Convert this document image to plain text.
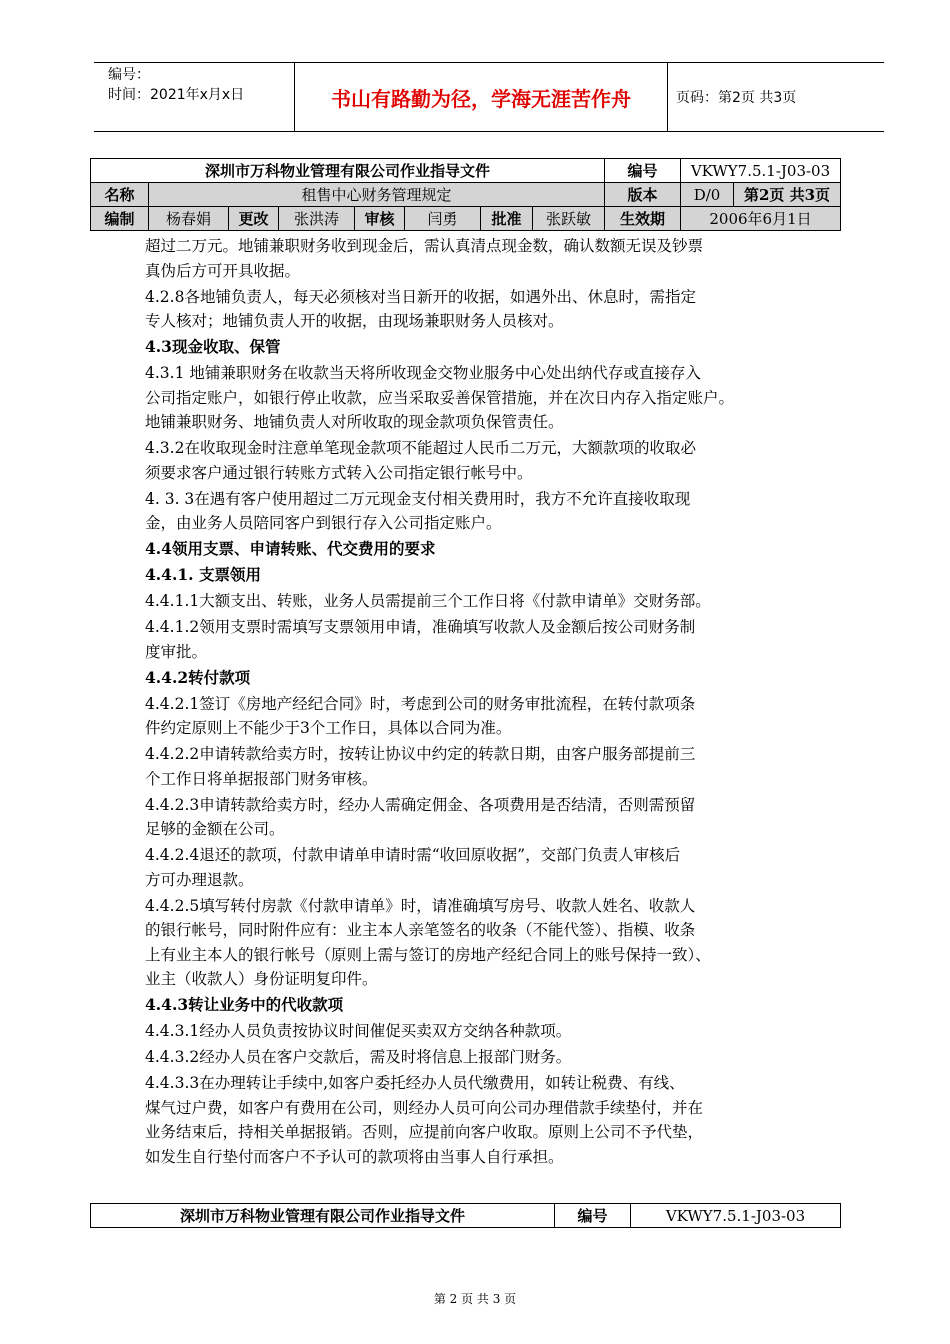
编号：
时间：2021年x月x日	书山有路勤为径，学海无涯苦作舟	页码：第2页 共3页
深圳市万科物业管理有限公司作业指导文件								编号	VKWY7.5.1-J03-03
名称	租售中心财务管理规定							版本	D/0 第2页 共3页

编制	杨春娟	更改	张洪涛	审核	闫勇	批准	张跃敏	生效期	2006年6月1日

超过二万元。地铺兼职财务收到现金后，需认真清点现金数，确认数额无误及钞票

真伪后方可开具收据。

4.2.8各地铺负责人，每天必须核对当日新开的收据，如遇外出、休息时，需指定

专人核对；地铺负责人开的收据，由现场兼职财务人员核对。

4.3现金收取、保管

4.3.1 地铺兼职财务在收款当天将所收现金交物业服务中心处出纳代存或直接存入

公司指定账户，如银行停止收款，应当采取妥善保管措施，并在次日内存入指定账户。

地铺兼职财务、地铺负责人对所收取的现金款项负保管责任。

4.3.2在收取现金时注意单笔现金款项不能超过人民币二万元，大额款项的收取必

须要求客户通过银行转账方式转入公司指定银行帐号中。

4. 3. 3在遇有客户使用超过二万元现金支付相关费用时，我方不允许直接收取现

金，由业务人员陪同客户到银行存入公司指定账户。

4.4领用支票、申请转账、代交费用的要求

4.4.1. 支票领用

4.4.1.1大额支出、转账，业务人员需提前三个工作日将《付款申请单》交财务部。

4.4.1.2领用支票时需填写支票领用申请，准确填写收款人及金额后按公司财务制

度审批。

4.4.2转付款项

4.4.2.1签订《房地产经纪合同》时，考虑到公司的财务审批流程，在转付款项条

件约定原则上不能少于3个工作日，具体以合同为准。

4.4.2.2申请转款给卖方时，按转让协议中约定的转款日期，由客户服务部提前三

个工作日将单据报部门财务审核。

4.4.2.3申请转款给卖方时，经办人需确定佣金、各项费用是否结清，否则需预留

足够的金额在公司。

4.4.2.4退还的款项，付款申请单申请时需“收回原收据”，交部门负责人审核后

方可办理退款。

4.4.2.5填写转付房款《付款申请单》时，请准确填写房号、收款人姓名、收款人

的银行帐号，同时附件应有：业主本人亲笔签名的收条（不能代签）、指模、收条

上有业主本人的银行帐号（原则上需与签订的房地产经纪合同上的账号保持一致）、

业主（收款人）身份证明复印件。

4.4.3转让业务中的代收款项

4.4.3.1经办人员负责按协议时间催促买卖双方交纳各种款项。

4.4.3.2经办人员在客户交款后，需及时将信息上报部门财务。

4.4.3.3在办理转让手续中,如客户委托经办人员代缴费用，如转让税费、有线、

煤气过户费，如客户有费用在公司，则经办人员可向公司办理借款手续垫付，并在

业务结束后，持相关单据报销。否则，应提前向客户收取。原则上公司不予代垫，

如发生自行垫付而客户不予认可的款项将由当事人自行承担。

深圳市万科物业管理有限公司作业指导文件	编号	VKWY7.5.1-J03-03
第 2 页 共 3 页
